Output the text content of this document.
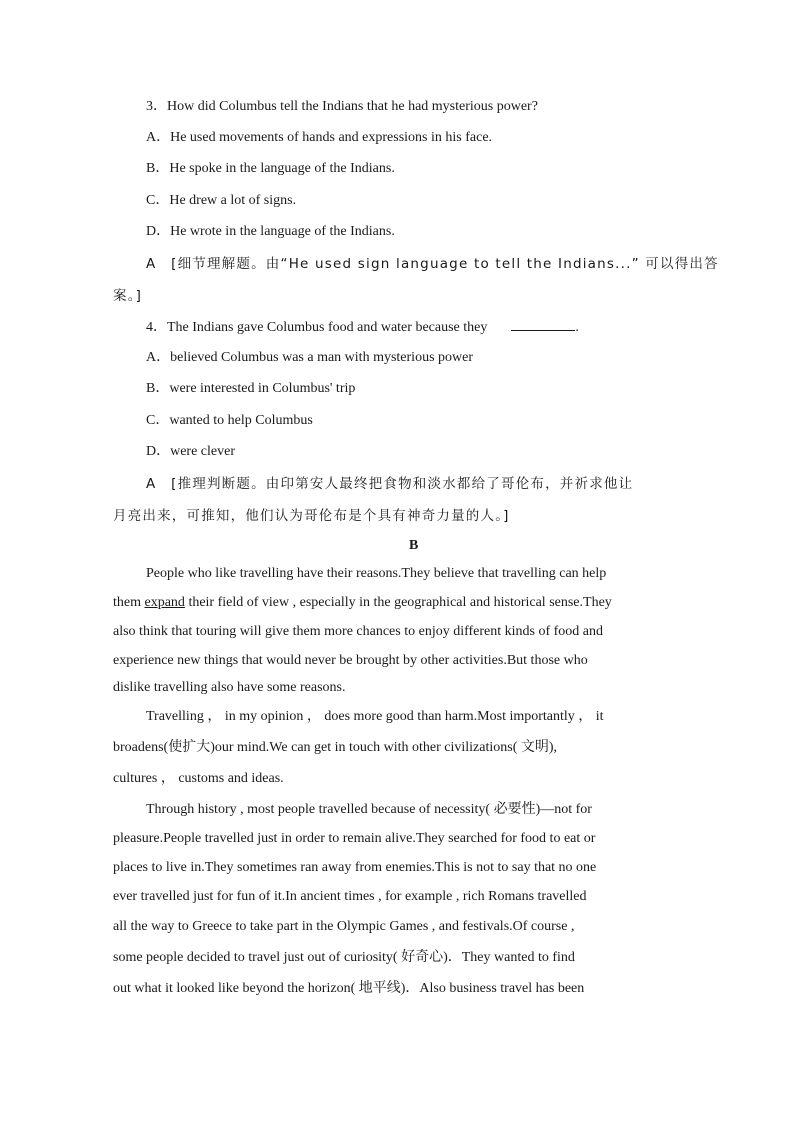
3．How did Columbus tell the Indians that he had mysterious power?
A．He used movements of hands and expressions in his face.
B．He spoke in the language of the Indians.
C．He drew a lot of signs.
D．He wrote in the language of the Indians.
A　[细节理解题。由“He used sign language to tell the Indians...” 可以得出答
案。]
4．The Indians gave Columbus food and water because they	.
A．believed Columbus was a man with mysterious power
B．were interested in Columbus' trip
C．wanted to help Columbus
D．were clever
A　[推理判断题。由印第安人最终把食物和淡水都给了哥伦布，并祈求他让
月亮出来，可推知，他们认为哥伦布是个具有神奇力量的人。]
B
People who like travelling have their reasons.They believe that travelling can help
them expand their field of view , especially in the geographical and historical sense.They
also think that touring will give them more chances to enjoy different kinds of food and
experience new things that would never be brought by other activities.But those who
dislike travelling also have some reasons.
Travelling ， in my opinion ， does more good than harm.Most importantly ， it
broadens(使扩大)our mind.We can get in touch with other civilizations( 文明),
cultures ， customs and ideas.
Through history , most people travelled because of necessity( 必要性)—not for
pleasure.People travelled just in order to remain alive.They searched for food to eat or
places to live in.They sometimes ran away from enemies.This is not to say that no one
ever travelled just for fun of it.In ancient times , for example , rich Romans travelled
all the way to Greece to take part in the Olympic Games , and festivals.Of course ,
some people decided to travel just out of curiosity( 好奇心)．They wanted to find
out what it looked like beyond the horizon( 地平线)．Also business travel has been
